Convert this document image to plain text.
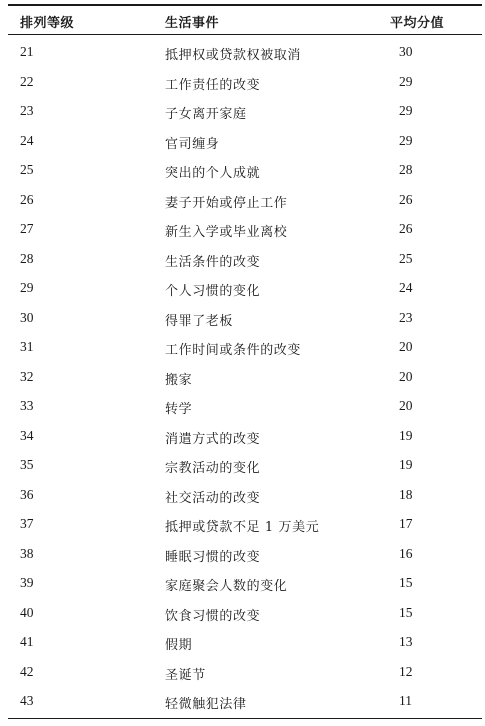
排列等级	生活事件	平均分值
21	抵押权或贷款权被取消	30
22	工作责任的改变	29
23	子女离开家庭	29
24	官司缠身	29
25	突出的个人成就	28
26	妻子开始或停止工作	26
27	新生入学或毕业离校	26
28	生活条件的改变	25
29	个人习惯的变化	24
30	得罪了老板	23
31	工作时间或条件的改变	20
32	搬家	20
33	转学	20
34	消遣方式的改变	19
35	宗教活动的变化	19
36	社交活动的改变	18
37	抵押或贷款不足 1 万美元	17
38	睡眠习惯的改变	16
39	家庭聚会人数的变化	15
40	饮食习惯的改变	15
41	假期	13
42	圣诞节	12
43	轻微触犯法律	11
